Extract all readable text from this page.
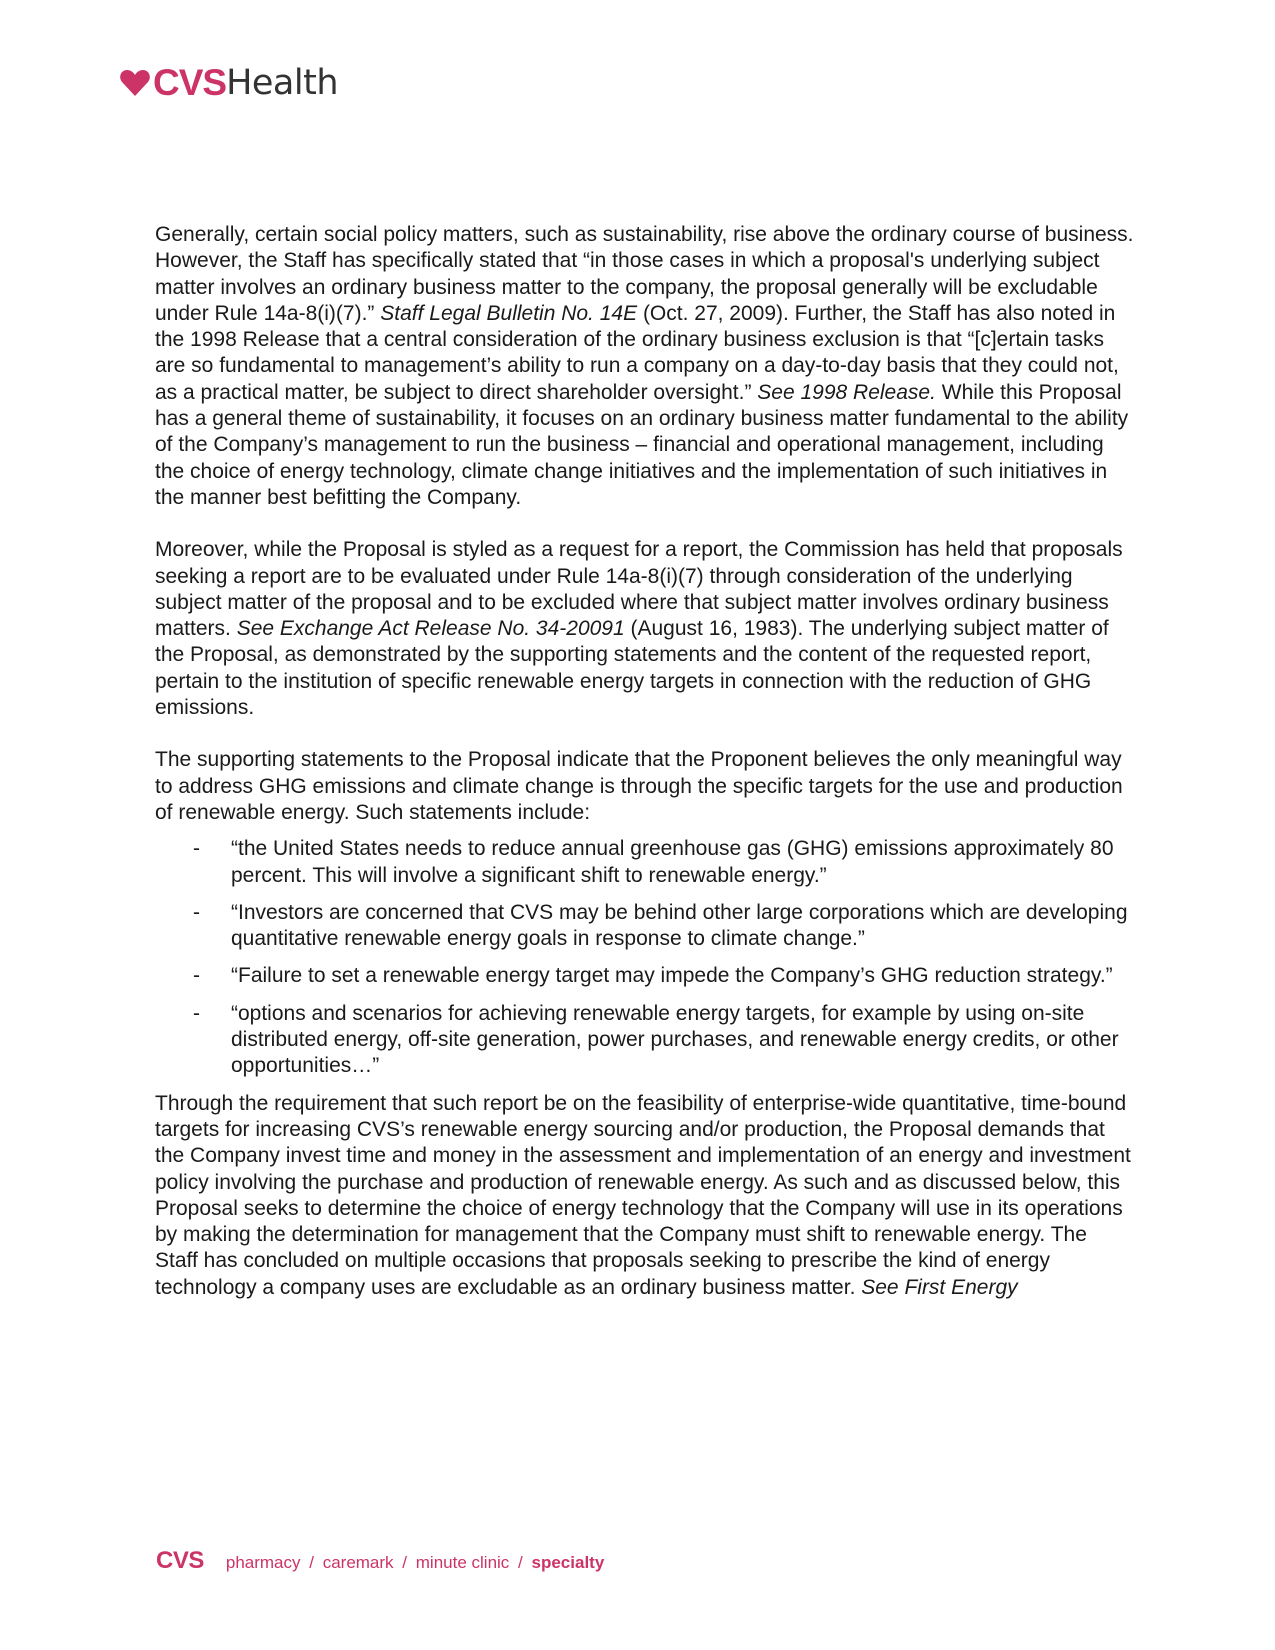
CVS Health

Generally, certain social policy matters, such as sustainability, rise above the ordinary course of business. However, the Staff has specifically stated that “in those cases in which a proposal's underlying subject matter involves an ordinary business matter to the company, the proposal generally will be excludable under Rule 14a-8(i)(7).” Staff Legal Bulletin No. 14E (Oct. 27, 2009). Further, the Staff has also noted in the 1998 Release that a central consideration of the ordinary business exclusion is that “[c]ertain tasks are so fundamental to management’s ability to run a company on a day-to-day basis that they could not, as a practical matter, be subject to direct shareholder oversight.” See 1998 Release. While this Proposal has a general theme of sustainability, it focuses on an ordinary business matter fundamental to the ability of the Company’s management to run the business – financial and operational management, including the choice of energy technology, climate change initiatives and the implementation of such initiatives in the manner best befitting the Company.

Moreover, while the Proposal is styled as a request for a report, the Commission has held that proposals seeking a report are to be evaluated under Rule 14a-8(i)(7) through consideration of the underlying subject matter of the proposal and to be excluded where that subject matter involves ordinary business matters. See Exchange Act Release No. 34-20091 (August 16, 1983). The underlying subject matter of the Proposal, as demonstrated by the supporting statements and the content of the requested report, pertain to the institution of specific renewable energy targets in connection with the reduction of GHG emissions.

The supporting statements to the Proposal indicate that the Proponent believes the only meaningful way to address GHG emissions and climate change is through the specific targets for the use and production of renewable energy. Such statements include:

- “the United States needs to reduce annual greenhouse gas (GHG) emissions approximately 80 percent. This will involve a significant shift to renewable energy.”
- “Investors are concerned that CVS may be behind other large corporations which are developing quantitative renewable energy goals in response to climate change.”
- “Failure to set a renewable energy target may impede the Company’s GHG reduction strategy.”
- “options and scenarios for achieving renewable energy targets, for example by using on-site distributed energy, off-site generation, power purchases, and renewable energy credits, or other opportunities…”

Through the requirement that such report be on the feasibility of enterprise-wide quantitative, time-bound targets for increasing CVS’s renewable energy sourcing and/or production, the Proposal demands that the Company invest time and money in the assessment and implementation of an energy and investment policy involving the purchase and production of renewable energy. As such and as discussed below, this Proposal seeks to determine the choice of energy technology that the Company will use in its operations by making the determination for management that the Company must shift to renewable energy. The Staff has concluded on multiple occasions that proposals seeking to prescribe the kind of energy technology a company uses are excludable as an ordinary business matter. See First Energy

CVS pharmacy / caremark / minute clinic / specialty
